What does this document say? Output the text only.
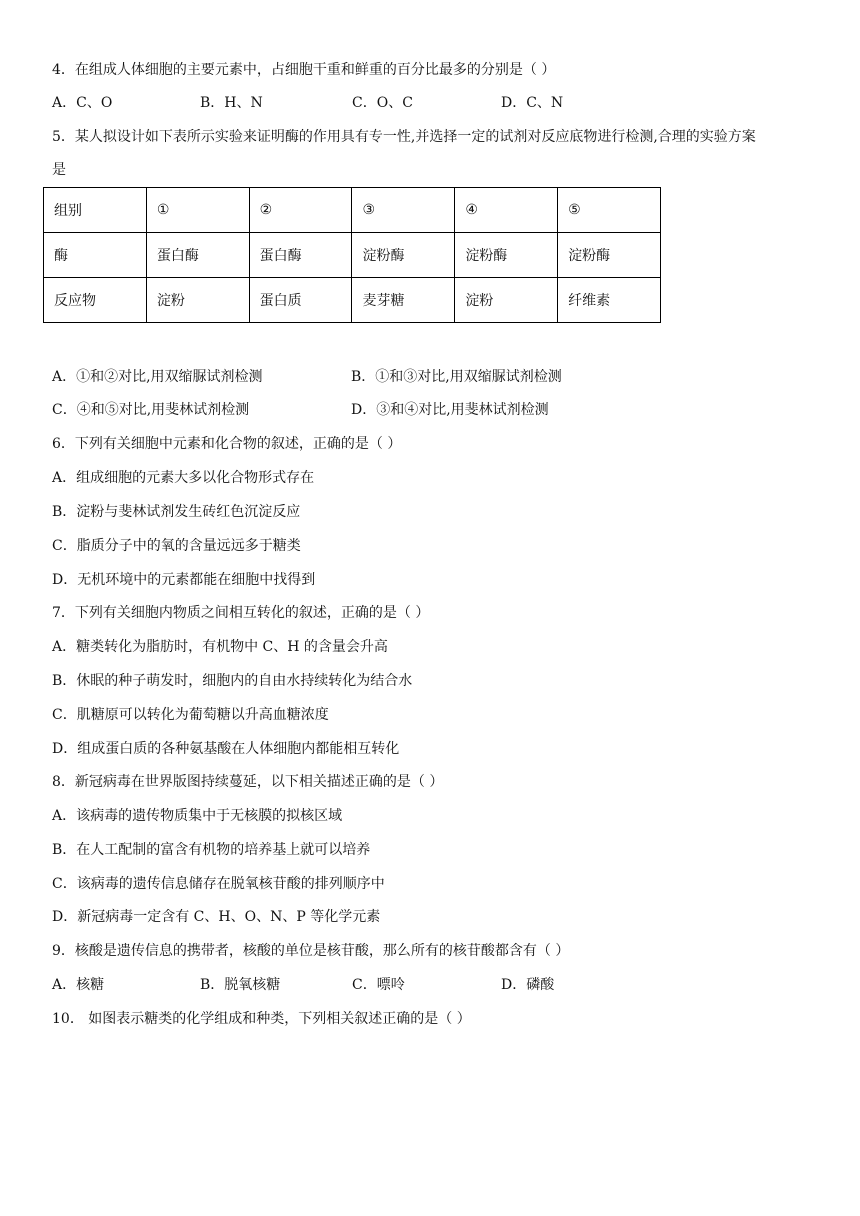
4．在组成人体细胞的主要元素中，占细胞干重和鲜重的百分比最多的分别是（ ）
A．C、O	B．H、N	C．O、C	D．C、N
5．某人拟设计如下表所示实验来证明酶的作用具有专一性,并选择一定的试剂对反应底物进行检测,合理的实验方案
是
组别	①	②	③	④	⑤
酶	蛋白酶	蛋白酶	淀粉酶	淀粉酶	淀粉酶
反应物	淀粉	蛋白质	麦芽糖	淀粉	纤维素
A．①和②对比,用双缩脲试剂检测	B．①和③对比,用双缩脲试剂检测
C．④和⑤对比,用斐林试剂检测	D．③和④对比,用斐林试剂检测
6．下列有关细胞中元素和化合物的叙述，正确的是（ ）
A．组成细胞的元素大多以化合物形式存在
B．淀粉与斐林试剂发生砖红色沉淀反应
C．脂质分子中的氧的含量远远多于糖类
D．无机环境中的元素都能在细胞中找得到
7．下列有关细胞内物质之间相互转化的叙述，正确的是（ ）
A．糖类转化为脂肪时，有机物中 C、H 的含量会升高
B．休眠的种子萌发时，细胞内的自由水持续转化为结合水
C．肌糖原可以转化为葡萄糖以升高血糖浓度
D．组成蛋白质的各种氨基酸在人体细胞内都能相互转化
8．新冠病毒在世界版图持续蔓延，以下相关描述正确的是（ ）
A．该病毒的遗传物质集中于无核膜的拟核区域
B．在人工配制的富含有机物的培养基上就可以培养
C．该病毒的遗传信息储存在脱氧核苷酸的排列顺序中
D．新冠病毒一定含有 C、H、O、N、P 等化学元素
9．核酸是遗传信息的携带者，核酸的单位是核苷酸，那么所有的核苷酸都含有（ ）
A．核糖	B．脱氧核糖	C．嘌呤	D．磷酸
10． 如图表示糖类的化学组成和种类，下列相关叙述正确的是（ ）
